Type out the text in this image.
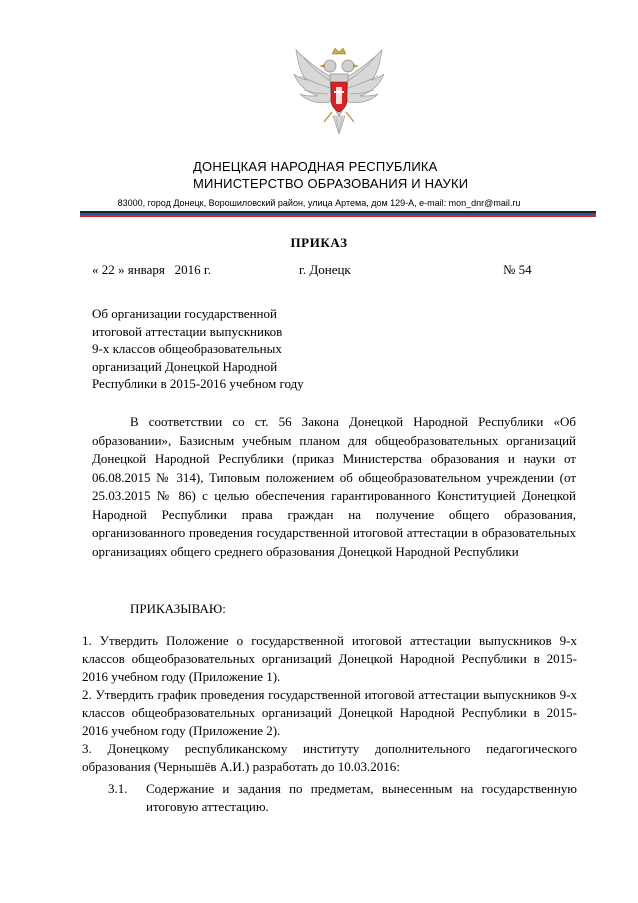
ДОНЕЦКАЯ НАРОДНАЯ РЕСПУБЛИКА
МИНИСТЕРСТВО ОБРАЗОВАНИЯ И НАУКИ
83000, город Донецк, Ворошиловский район, улица Артема, дом 129-А, e-mail: mon_dnr@mail.ru
ПРИКАЗ
« 22 » января   2016 г.	г. Донецк	№ 54
Об организации государственной
итоговой аттестации выпускников
9-х классов общеобразовательных
организаций Донецкой Народной
Республики в 2015-2016 учебном году
В соответствии со ст. 56 Закона Донецкой Народной Республики «Об образовании», Базисным учебным планом для общеобразовательных организаций Донецкой Народной Республики (приказ Министерства образования и науки от 06.08.2015 № 314), Типовым положением об общеобразовательном учреждении (от 25.03.2015 № 86) с целью обеспечения гарантированного Конституцией Донецкой Народной Республики права граждан на получение общего образования, организованного проведения государственной итоговой аттестации в образовательных организациях общего среднего образования Донецкой Народной Республики
ПРИКАЗЫВАЮ:
1. Утвердить Положение о государственной итоговой аттестации выпускников 9-х классов общеобразовательных организаций Донецкой Народной Республики в 2015-2016 учебном году (Приложение 1).
2. Утвердить график проведения государственной итоговой аттестации выпускников 9-х классов общеобразовательных организаций Донецкой Народной Республики в 2015-2016 учебном году (Приложение 2).
3. Донецкому республиканскому институту дополнительного педагогического образования (Чернышёв А.И.) разработать до 10.03.2016:
3.1.	Содержание и задания по предметам, вынесенным на государственную итоговую аттестацию.
